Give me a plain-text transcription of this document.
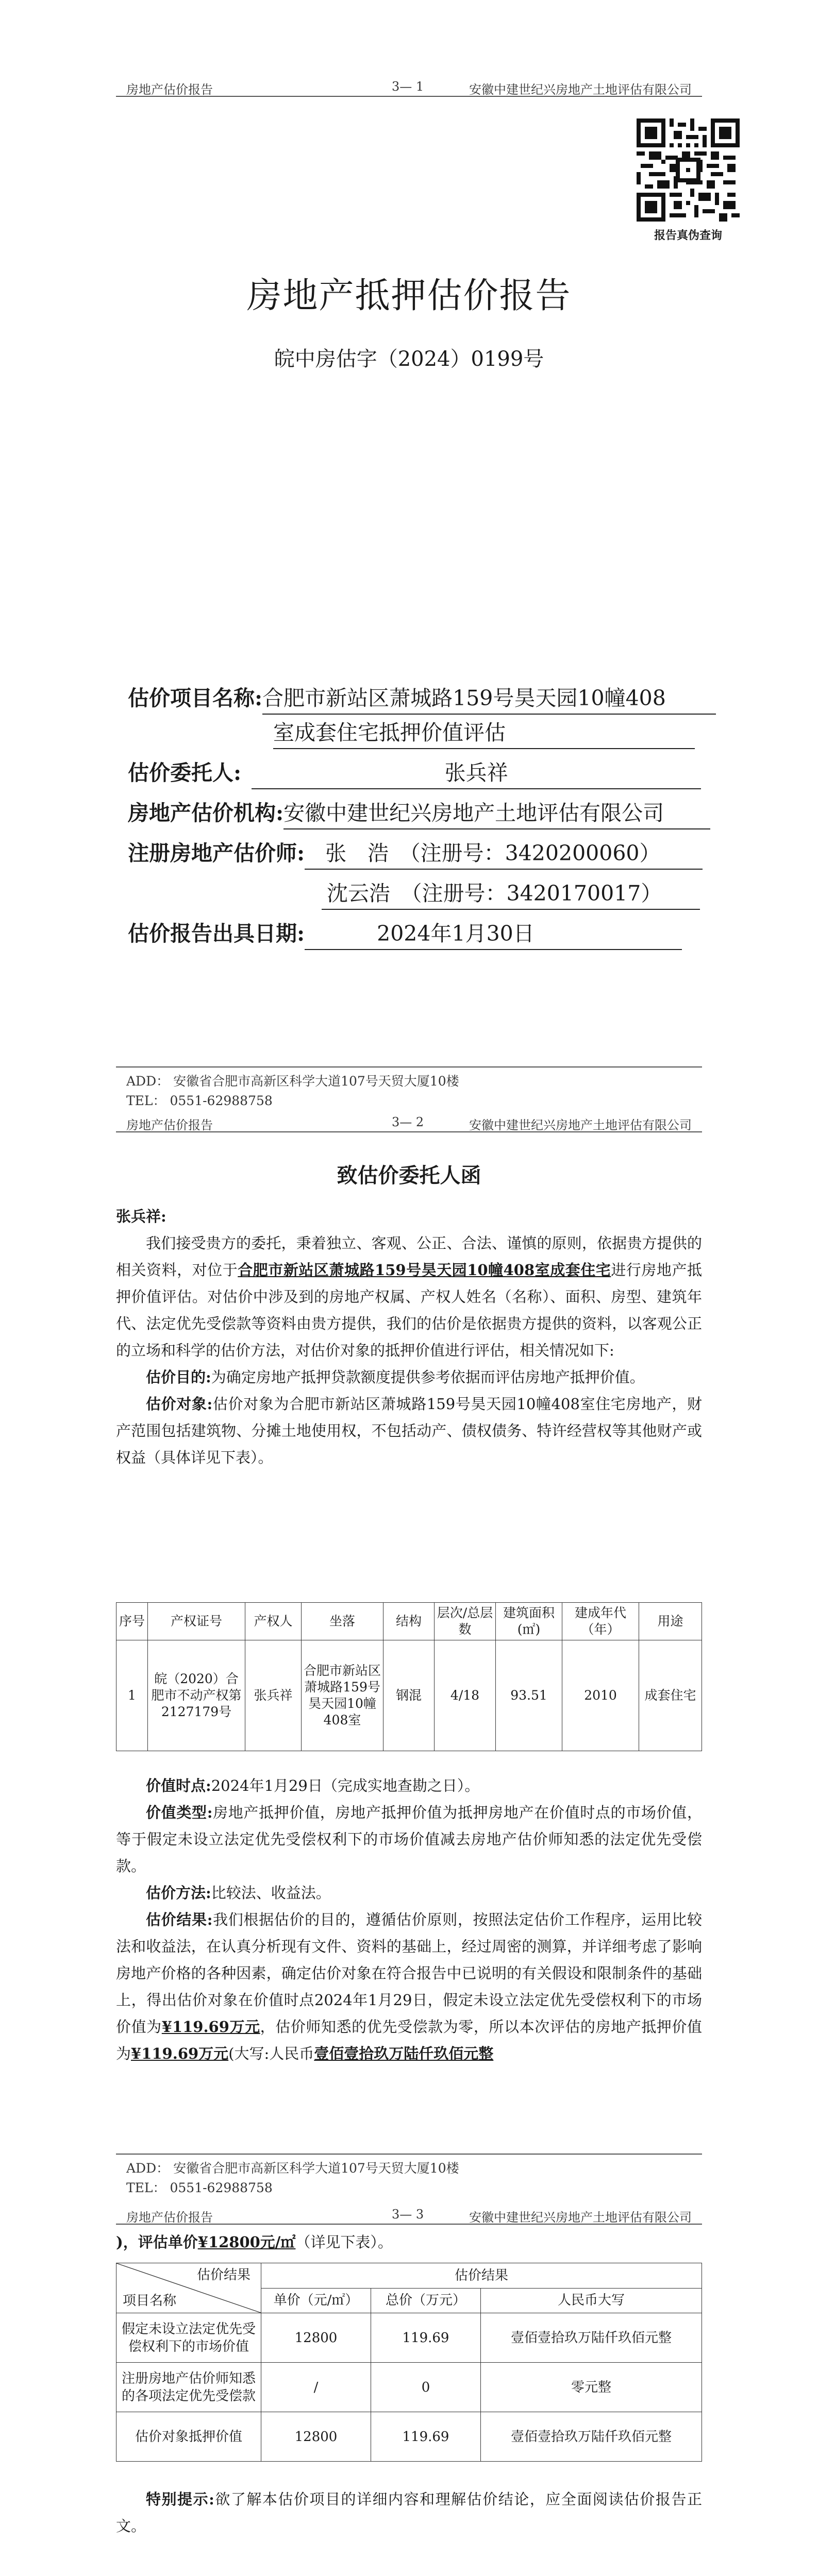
房地产估价报告	3— 1	安徽中建世纪兴房地产土地评估有限公司
报告真伪查询
房地产抵押估价报告
皖中房估字（2024）0199号
估价项目名称:合肥市新站区萧城路159号昊天园10幢408
室成套住宅抵押价值评估
估价委托人:	张兵祥
房地产估价机构:安徽中建世纪兴房地产土地评估有限公司
注册房地产估价师: 张　浩　（注册号：3420200060）
沈云浩　（注册号：3420170017）
估价报告出具日期:	2024年1月30日
ADD： 安徽省合肥市高新区科学大道107号天贸大厦10楼
TEL： 0551-62988758
房地产估价报告	3— 2	安徽中建世纪兴房地产土地评估有限公司
致估价委托人函

张兵祥:

我们接受贵方的委托，秉着独立、客观、公正、合法、谨慎的原则，依据贵方提供的相关资料，对位于合肥市新站区萧城路159号昊天园10幢408室成套住宅进行房地产抵押价值评估。对估价中涉及到的房地产权属、产权人姓名（名称）、面积、房型、建筑年代、法定优先受偿款等资料由贵方提供，我们的估价是依据贵方提供的资料，以客观公正的立场和科学的估价方法，对估价对象的抵押价值进行评估，相关情况如下:

估价目的:为确定房地产抵押贷款额度提供参考依据而评估房地产抵押价值。

估价对象:估价对象为合肥市新站区萧城路159号昊天园10幢408室住宅房地产，财产范围包括建筑物、分摊土地使用权，不包括动产、债权债务、特许经营权等其他财产或权益（具体详见下表）。

序号	产权证号	产权人	坐落	结构	层次/总层数	建筑面积(㎡)	建成年代（年）	用途
1	皖（2020）合肥市不动产权第2127179号	张兵祥	合肥市新站区萧城路159号昊天园10幢408室	钢混	4/18	93.51	2010	成套住宅

价值时点:2024年1月29日（完成实地查勘之日）。

价值类型:房地产抵押价值，房地产抵押价值为抵押房地产在价值时点的市场价值，等于假定未设立法定优先受偿权利下的市场价值减去房地产估价师知悉的法定优先受偿款。

估价方法:比较法、收益法。

估价结果:我们根据估价的目的，遵循估价原则，按照法定估价工作程序，运用比较法和收益法，在认真分析现有文件、资料的基础上，经过周密的测算，并详细考虑了影响房地产价格的各种因素，确定估价对象在符合报告中已说明的有关假设和限制条件的基础上，得出估价对象在价值时点2024年1月29日，假定未设立法定优先受偿权利下的市场价值为¥119.69万元，估价师知悉的优先受偿款为零，所以本次评估的房地产抵押价值为¥119.69万元(大写:人民币壹佰壹拾玖万陆仟玖佰元整

ADD： 安徽省合肥市高新区科学大道107号天贸大厦10楼
TEL： 0551-62988758
房地产估价报告	3— 3	安徽中建世纪兴房地产土地评估有限公司

)，评估单价¥12800元/㎡（详见下表）。

估价结果
项目名称	估价结果		
	单价（元/㎡）	总价（万元）	人民币大写
假定未设立法定优先受偿权利下的市场价值	12800	119.69	壹佰壹拾玖万陆仟玖佰元整
注册房地产估价师知悉的各项法定优先受偿款	/	0	零元整
估价对象抵押价值	12800	119.69	壹佰壹拾玖万陆仟玖佰元整

特别提示:欲了解本估价项目的详细内容和理解估价结论，应全面阅读估价报告正文。
